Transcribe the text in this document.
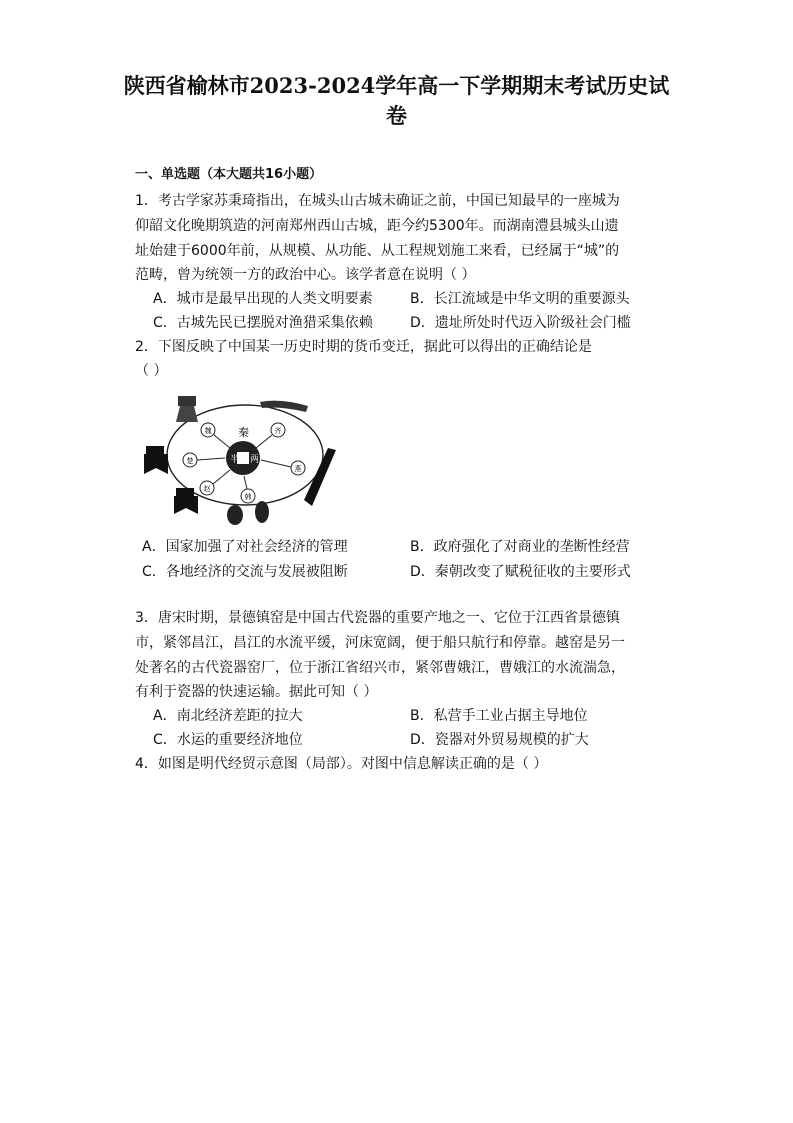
陕西省榆林市2023-2024学年高一下学期期末考试历史试
卷
一、单选题（本大题共16小题）
1．考古学家苏秉琦指出，在城头山古城未确证之前，中国已知最早的一座城为
仰韶文化晚期筑造的河南郑州西山古城，距今约5300年。而湖南澧县城头山遗
址始建于6000年前，从规模、从功能、从工程规划施工来看，已经属于“城”的
范畴，曾为统领一方的政治中心。该学者意在说明（ ）
A．城市是最早出现的人类文明要素	B．长江流域是中华文明的重要源头
C．古城先民已摆脱对渔猎采集依赖	D．遗址所处时代迈入阶级社会门槛
2．下图反映了中国某一历史时期的货币变迁，据此可以得出的正确结论是
（ ）
半 两
秦
魏	齐
楚
燕
赵
韩
A．国家加强了对社会经济的管理	B．政府强化了对商业的垄断性经营
C．各地经济的交流与发展被阻断	D．秦朝改变了赋税征收的主要形式
3．唐宋时期，景德镇窑是中国古代瓷器的重要产地之一、它位于江西省景德镇
市，紧邻昌江，昌江的水流平缓，河床宽阔，便于船只航行和停靠。越窑是另一
处著名的古代瓷器窑厂，位于浙江省绍兴市，紧邻曹娥江，曹娥江的水流湍急，
有利于瓷器的快速运输。据此可知（ ）
A．南北经济差距的拉大	B．私营手工业占据主导地位
C．水运的重要经济地位	D．瓷器对外贸易规模的扩大
4．如图是明代经贸示意图（局部）。对图中信息解读正确的是（ ）
